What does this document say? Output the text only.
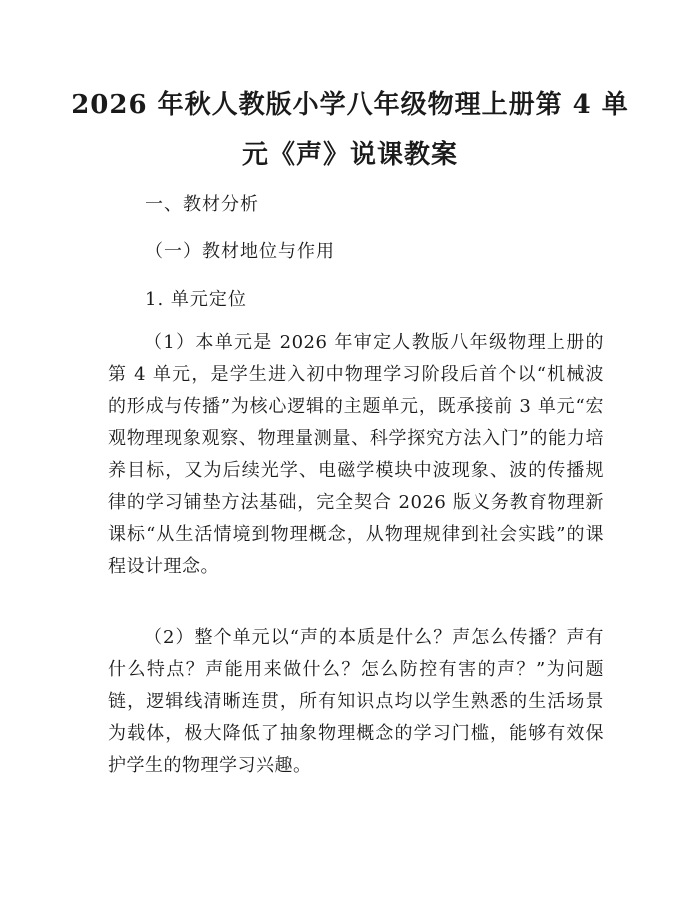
2026 年秋人教版小学八年级物理上册第 4 单
元《声》说课教案
一、教材分析
（一）教材地位与作用
1. 单元定位

（1）本单元是 2026 年审定人教版八年级物理上册的第 4 单元，是学生进入初中物理学习阶段后首个以“机械波的形成与传播”为核心逻辑的主题单元，既承接前 3 单元“宏观物理现象观察、物理量测量、科学探究方法入门”的能力培养目标，又为后续光学、电磁学模块中波现象、波的传播规律的学习铺垫方法基础，完全契合 2026 版义务教育物理新课标“从生活情境到物理概念，从物理规律到社会实践”的课程设计理念。

（2）整个单元以“声的本质是什么？声怎么传播？声有什么特点？声能用来做什么？怎么防控有害的声？”为问题链，逻辑线清晰连贯，所有知识点均以学生熟悉的生活场景为载体，极大降低了抽象物理概念的学习门槛，能够有效保护学生的物理学习兴趣。
